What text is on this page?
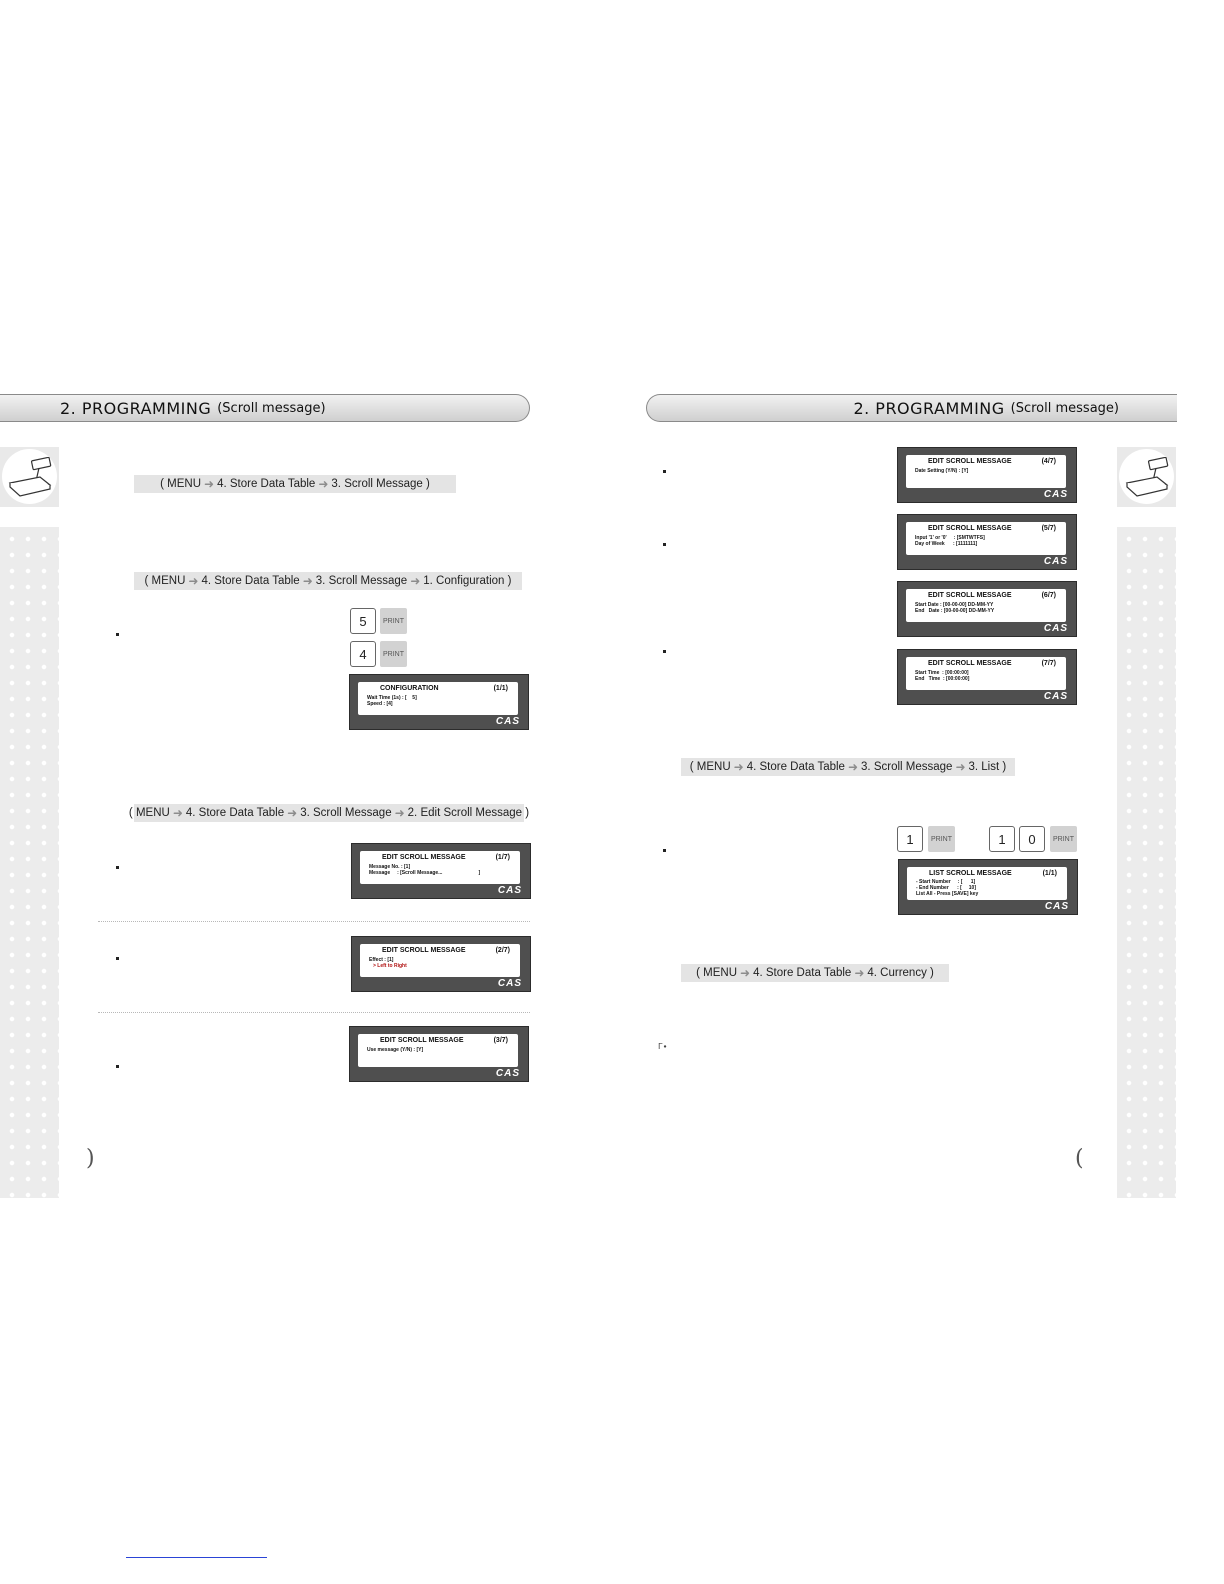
2. PROGRAMMING (Scroll message)	2. PROGRAMMING (Scroll message)
( MENU ➜ 4. Store Data Table ➜ 3. Scroll Message )
( MENU ➜ 4. Store Data Table ➜ 3. Scroll Message ➜ 1. Configuration )
5	PRINT
4	PRINT
CONFIGURATION	(1/1)
Wait Time (1s) : [    5]
Speed : [4]
CAS
( MENU ➜ 4. Store Data Table ➜ 3. Scroll Message ➜ 2. Edit Scroll Message )
EDIT SCROLL MESSAGE	(1/7)
Message No. : [1]
Message     : [Scroll Message...                          ]
CAS
EDIT SCROLL MESSAGE	(2/7)
Effect : [1]
> Left to Right
CAS
EDIT SCROLL MESSAGE	(3/7)
Use message (Y/N) : [Y]
CAS
)
EDIT SCROLL MESSAGE	(4/7)
Date Setting (Y/N) : [Y]
CAS
EDIT SCROLL MESSAGE	(5/7)
Input '1' or '0'     : [SMTWTFS]
Day of Week      : [1111111]
CAS
EDIT SCROLL MESSAGE	(6/7)
Start Date : [00-00-00] DD-MM-YY
End   Date : [00-00-00] DD-MM-YY
CAS
EDIT SCROLL MESSAGE	(7/7)
Start Time  : [00:00:00]
End   Time  : [00:00:00]
CAS
( MENU ➜ 4. Store Data Table ➜ 3. Scroll Message ➜ 3. List )
1	PRINT	1	0	PRINT
LIST SCROLL MESSAGE	(1/1)
- Start Number     : [      1]
- End Number      : [     10]
List All - Press [SAVE] key
CAS
( MENU ➜ 4. Store Data Table ➜ 4. Currency )
Γ∙
(
